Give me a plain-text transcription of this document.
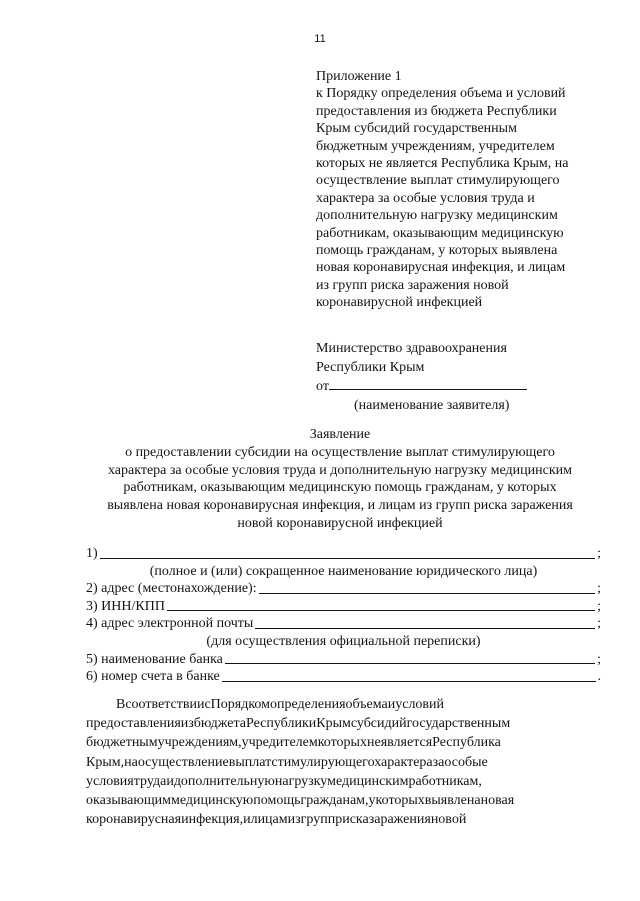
11
Приложение 1
к Порядку определения объема и условий
предоставления из бюджета Республики
Крым субсидий государственным
бюджетным учреждениям, учредителем
которых не является Республика Крым, на
осуществление выплат стимулирующего
характера за особые условия труда и
дополнительную нагрузку медицинским
работникам, оказывающим медицинскую
помощь гражданам, у которых выявлена
новая коронавирусная инфекция, и лицам
из групп риска заражения новой
коронавирусной инфекцией
Министерство здравоохранения
Республики Крым
от
(наименование заявителя)
Заявление
о предоставлении субсидии на осуществление выплат стимулирующего
характера за особые условия труда и дополнительную нагрузку медицинским
работникам, оказывающим медицинскую помощь гражданам, у которых
выявлена новая коронавирусная инфекция, и лицам из групп риска заражения
новой коронавирусной инфекцией
1)	;
(полное и (или) сокращенное наименование юридического лица)
2) адрес (местонахождение):	;
3) ИНН/КПП	;
4) адрес электронной почты	;
(для осуществления официальной переписки)
5) наименование банка	;
6) номер счета в банке	.
ВсоответствиисПорядкомопределенияобъемаиусловий
предоставленияизбюджетаРеспубликиКрымсубсидийгосударственным
бюджетнымучреждениям,учредителемкоторыхнеявляетсяРеспублика
Крым,наосуществлениевыплатстимулирующегохарактеразаособые
условиятрудаидополнительнуюнагрузкумедицинскимработникам,
оказывающиммедицинскуюпомощьгражданам,укоторыхвыявленановая
коронавируснаяинфекция,илицамизгрупприсказараженияновой
